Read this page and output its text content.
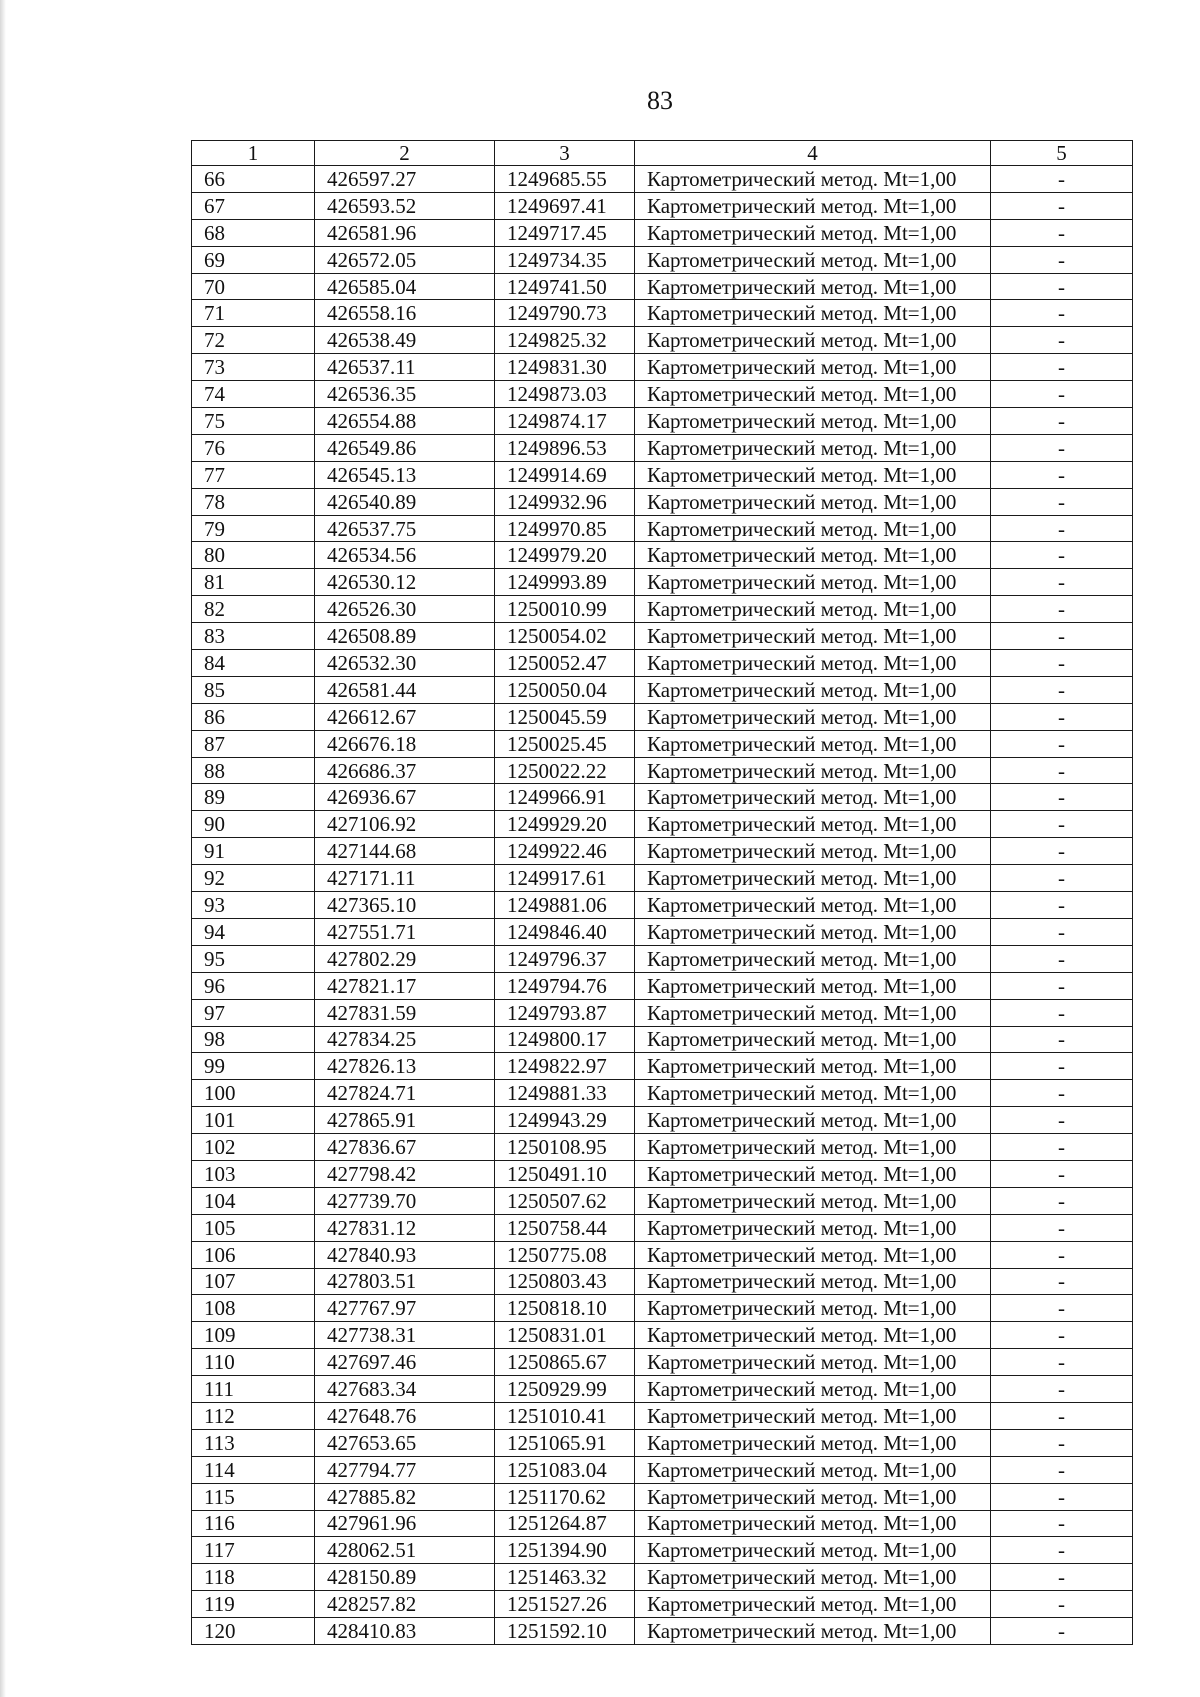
83
1	2	3	4	5
66	426597.27	1249685.55	Картометрический метод. Mt=1,00	-
67	426593.52	1249697.41	Картометрический метод. Mt=1,00	-
68	426581.96	1249717.45	Картометрический метод. Mt=1,00	-
69	426572.05	1249734.35	Картометрический метод. Mt=1,00	-
70	426585.04	1249741.50	Картометрический метод. Mt=1,00	-
71	426558.16	1249790.73	Картометрический метод. Mt=1,00	-
72	426538.49	1249825.32	Картометрический метод. Mt=1,00	-
73	426537.11	1249831.30	Картометрический метод. Mt=1,00	-
74	426536.35	1249873.03	Картометрический метод. Mt=1,00	-
75	426554.88	1249874.17	Картометрический метод. Mt=1,00	-
76	426549.86	1249896.53	Картометрический метод. Mt=1,00	-
77	426545.13	1249914.69	Картометрический метод. Mt=1,00	-
78	426540.89	1249932.96	Картометрический метод. Mt=1,00	-
79	426537.75	1249970.85	Картометрический метод. Mt=1,00	-
80	426534.56	1249979.20	Картометрический метод. Mt=1,00	-
81	426530.12	1249993.89	Картометрический метод. Mt=1,00	-
82	426526.30	1250010.99	Картометрический метод. Mt=1,00	-
83	426508.89	1250054.02	Картометрический метод. Mt=1,00	-
84	426532.30	1250052.47	Картометрический метод. Mt=1,00	-
85	426581.44	1250050.04	Картометрический метод. Mt=1,00	-
86	426612.67	1250045.59	Картометрический метод. Mt=1,00	-
87	426676.18	1250025.45	Картометрический метод. Mt=1,00	-
88	426686.37	1250022.22	Картометрический метод. Mt=1,00	-
89	426936.67	1249966.91	Картометрический метод. Mt=1,00	-
90	427106.92	1249929.20	Картометрический метод. Mt=1,00	-
91	427144.68	1249922.46	Картометрический метод. Mt=1,00	-
92	427171.11	1249917.61	Картометрический метод. Mt=1,00	-
93	427365.10	1249881.06	Картометрический метод. Mt=1,00	-
94	427551.71	1249846.40	Картометрический метод. Mt=1,00	-
95	427802.29	1249796.37	Картометрический метод. Mt=1,00	-
96	427821.17	1249794.76	Картометрический метод. Mt=1,00	-
97	427831.59	1249793.87	Картометрический метод. Mt=1,00	-
98	427834.25	1249800.17	Картометрический метод. Mt=1,00	-
99	427826.13	1249822.97	Картометрический метод. Mt=1,00	-
100	427824.71	1249881.33	Картометрический метод. Mt=1,00	-
101	427865.91	1249943.29	Картометрический метод. Mt=1,00	-
102	427836.67	1250108.95	Картометрический метод. Mt=1,00	-
103	427798.42	1250491.10	Картометрический метод. Mt=1,00	-
104	427739.70	1250507.62	Картометрический метод. Mt=1,00	-
105	427831.12	1250758.44	Картометрический метод. Mt=1,00	-
106	427840.93	1250775.08	Картометрический метод. Mt=1,00	-
107	427803.51	1250803.43	Картометрический метод. Mt=1,00	-
108	427767.97	1250818.10	Картометрический метод. Mt=1,00	-
109	427738.31	1250831.01	Картометрический метод. Mt=1,00	-
110	427697.46	1250865.67	Картометрический метод. Mt=1,00	-
111	427683.34	1250929.99	Картометрический метод. Mt=1,00	-
112	427648.76	1251010.41	Картометрический метод. Mt=1,00	-
113	427653.65	1251065.91	Картометрический метод. Mt=1,00	-
114	427794.77	1251083.04	Картометрический метод. Mt=1,00	-
115	427885.82	1251170.62	Картометрический метод. Mt=1,00	-
116	427961.96	1251264.87	Картометрический метод. Mt=1,00	-
117	428062.51	1251394.90	Картометрический метод. Mt=1,00	-
118	428150.89	1251463.32	Картометрический метод. Mt=1,00	-
119	428257.82	1251527.26	Картометрический метод. Mt=1,00	-
120	428410.83	1251592.10	Картометрический метод. Mt=1,00	-
